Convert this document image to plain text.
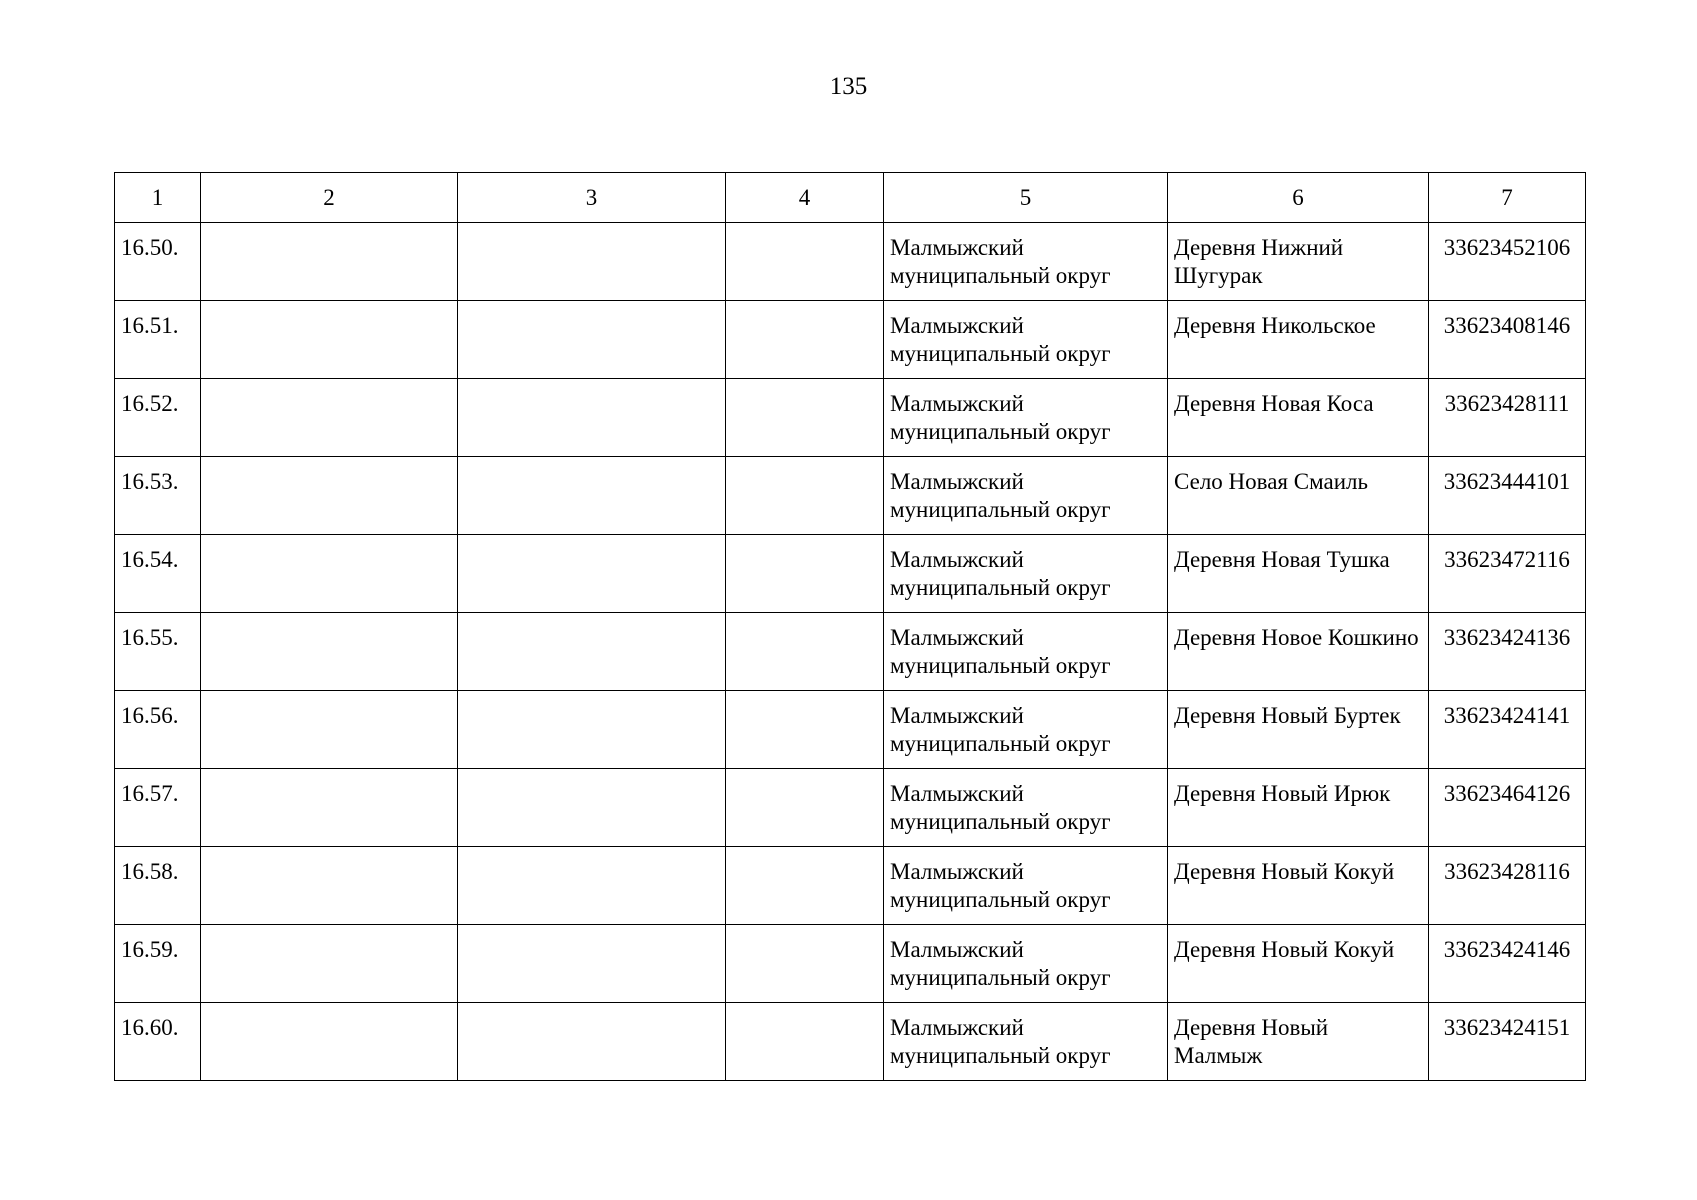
135
1	2	3	4	5	6	7
16.50.				Малмыжский муниципальный округ	Деревня Нижний Шугурак	33623452106
16.51.				Малмыжский муниципальный округ	Деревня Никольское	33623408146
16.52.				Малмыжский муниципальный округ	Деревня Новая Коса	33623428111
16.53.				Малмыжский муниципальный округ	Село Новая Смаиль	33623444101
16.54.				Малмыжский муниципальный округ	Деревня Новая Тушка	33623472116
16.55.				Малмыжский муниципальный округ	Деревня Новое Кошкино	33623424136
16.56.				Малмыжский муниципальный округ	Деревня Новый Буртек	33623424141
16.57.				Малмыжский муниципальный округ	Деревня Новый Ирюк	33623464126
16.58.				Малмыжский муниципальный округ	Деревня Новый Кокуй	33623428116
16.59.				Малмыжский муниципальный округ	Деревня Новый Кокуй	33623424146
16.60.				Малмыжский муниципальный округ	Деревня Новый Малмыж	33623424151
